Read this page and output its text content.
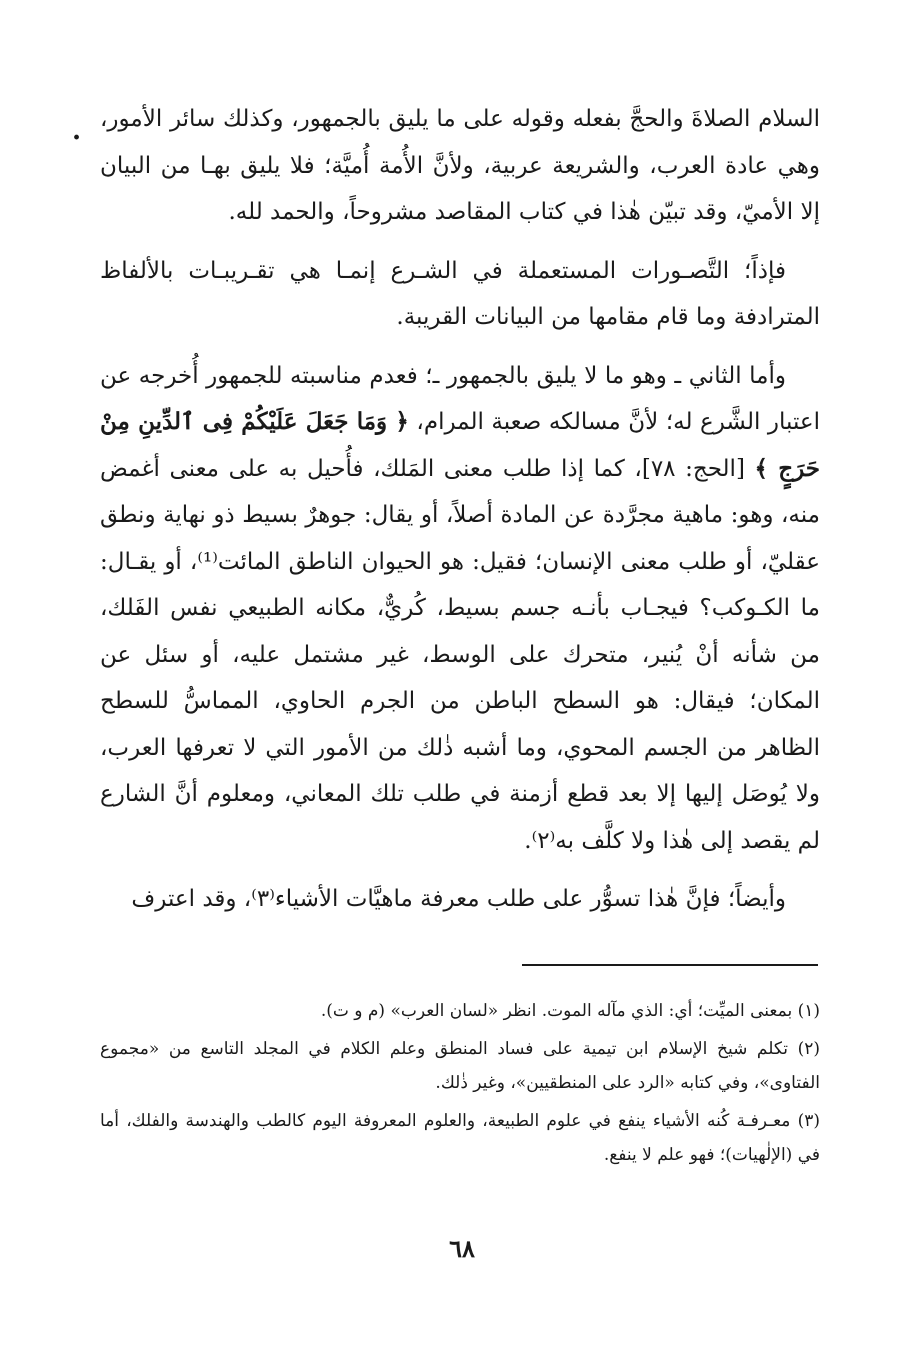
. السلام الصلاةَ والحجَّ بفعله وقوله على ما يليق بالجمهور، وكذلك سائر الأمور، وهي عادة العرب، والشريعة عربية، ولأنَّ الأُمة أُميَّة؛ فلا يليق بهـا من البيان إلا الأميّ، وقد تبيّن هٰذا في كتاب المقاصد مشروحاً، والحمد لله.

فإذاً؛ التَّصـورات المستعملة في الشـرع إنمـا هي تقـريبـات بالألفاظ المترادفة وما قام مقامها من البيانات القريبة.

وأما الثاني ـ وهو ما لا يليق بالجمهور ـ؛ فعدم مناسبته للجمهور أُخرجه عن اعتبار الشَّرع له؛ لأنَّ مسالكه صعبة المرام، ﴿ وَمَا جَعَلَ عَلَيْكُمْ فِى ٱلدِّينِ مِنْ حَرَجٍ ﴾ [الحج: ٧٨]، كما إذا طلب معنى المَلك، فأُحيل به على معنى أغمض منه، وهو: ماهية مجرَّدة عن المادة أصلاً، أو يقال: جوهرٌ بسيط ذو نهاية ونطق عقليّ، أو طلب معنى الإنسان؛ فقيل: هو الحيوان الناطق المائت⁽¹⁾، أو يقـال: ما الكـوكب؟ فيجـاب بأنـه جسم بسيط، كُريٌّ، مكانه الطبيعي نفس الفَلك، من شأنه أنْ يُنير، متحرك على الوسط، غير مشتمل عليه، أو سئل عن المكان؛ فيقال: هو السطح الباطن من الجرم الحاوي، المماسُّ للسطح الظاهر من الجسم المحوي، وما أشبه ذٰلك من الأمور التي لا تعرفها العرب، ولا يُوصَل إليها إلا بعد قطع أزمنة في طلب تلك المعاني، ومعلوم أنَّ الشارع لم يقصد إلى هٰذا ولا كلَّف به⁽٢⁾.

وأيضاً؛ فإنَّ هٰذا تسوُّر على طلب معرفة ماهيَّات الأشياء⁽٣⁾، وقد اعترف

(١) بمعنى الميِّت؛ أي: الذي مآله الموت. انظر «لسان العرب» (م و ت).

(٢) تكلم شيخ الإسلام ابن تيمية على فساد المنطق وعلم الكلام في المجلد التاسع من «مجموع الفتاوى»، وفي كتابه «الرد على المنطقيين»، وغير ذٰلك.

(٣) معـرفـة كُنه الأشياء ينفع في علوم الطبيعة، والعلوم المعروفة اليوم كالطب والهندسة والفلك، أما في (الإلٰهيات)؛ فهو علم لا ينفع.

٦٨
